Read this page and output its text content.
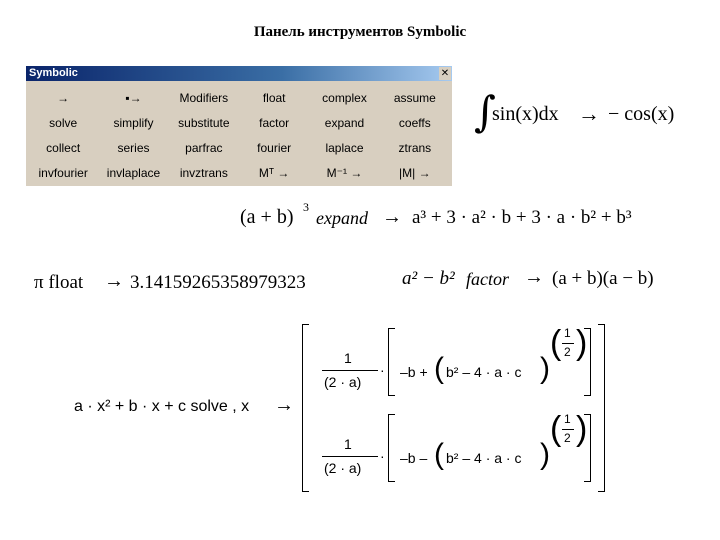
Панель инструментов Symbolic
Symbolic	✕
→	▪→	Modifiers	float	complex	assume
solve	simplify	substitute	factor	expand	coeffs
collect	series	parfrac	fourier	laplace	ztrans
invfourier	invlaplace	invztrans	Mᵀ →	M⁻¹ →	|M| →
∫
sin(x)dx → − cos(x)
(a + b) 3
expand → a³ + 3 · a² · b + 3 · a · b² + b³
π float → 3.14159265358979323	a² − b² factor → (a + b)(a − b)
a · x² + b · x + c solve , x →
1
(2 · a)
· –b + ( b² – 4 · a · c )
( 1
2 )
1
(2 · a)
· –b – ( b² – 4 · a · c )
( 1
2 )
